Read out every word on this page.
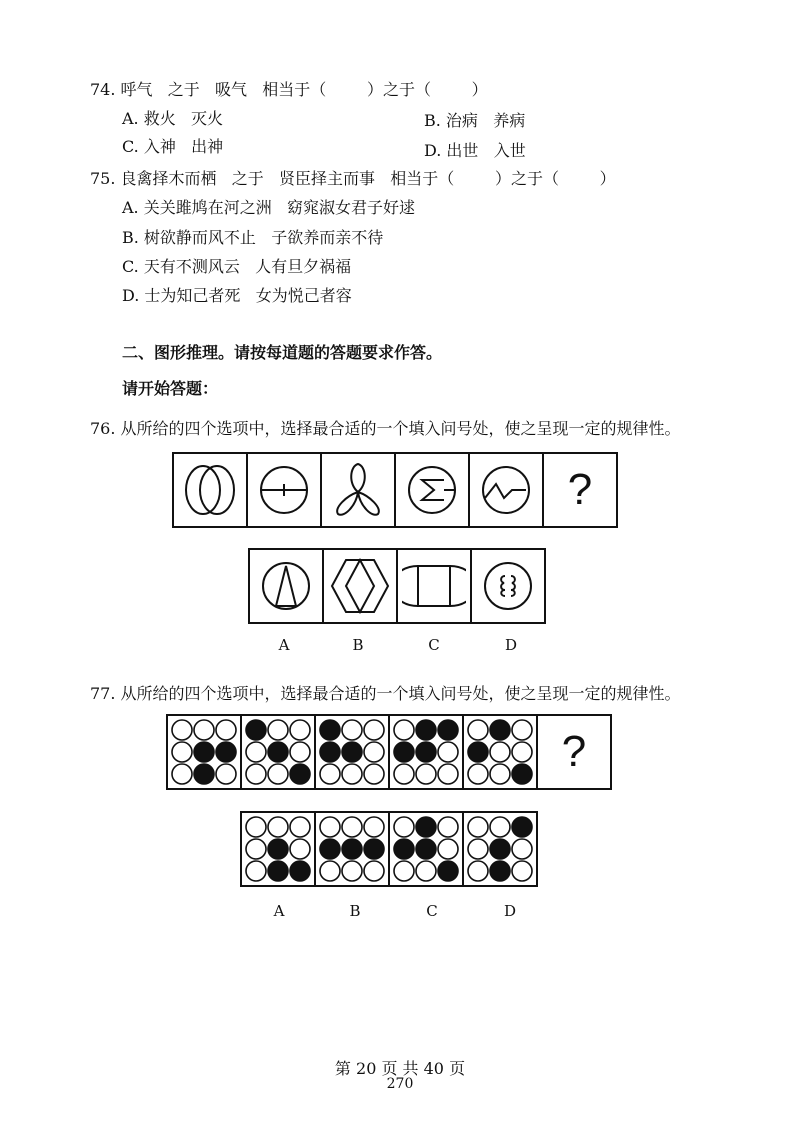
74. 呼气   之于   吸气   相当于（        ）之于（        ）
A. 救火   灭火	B. 治病   养病
C. 入神   出神	D. 出世   入世
75. 良禽择木而栖   之于   贤臣择主而事   相当于（        ）之于（        ）
A. 关关雎鸠在河之洲   窈窕淑女君子好逑
B. 树欲静而风不止   子欲养而亲不待
C. 天有不测风云   人有旦夕祸福
D. 士为知己者死   女为悦己者容
二、图形推理。请按每道题的答题要求作答。
请开始答题：
76. 从所给的四个选项中，选择最合适的一个填入问号处，使之呈现一定的规律性。
?
A	B	C	D
77. 从所给的四个选项中，选择最合适的一个填入问号处，使之呈现一定的规律性。
?
A	B	C	D
第 20 页 共 40 页
270
